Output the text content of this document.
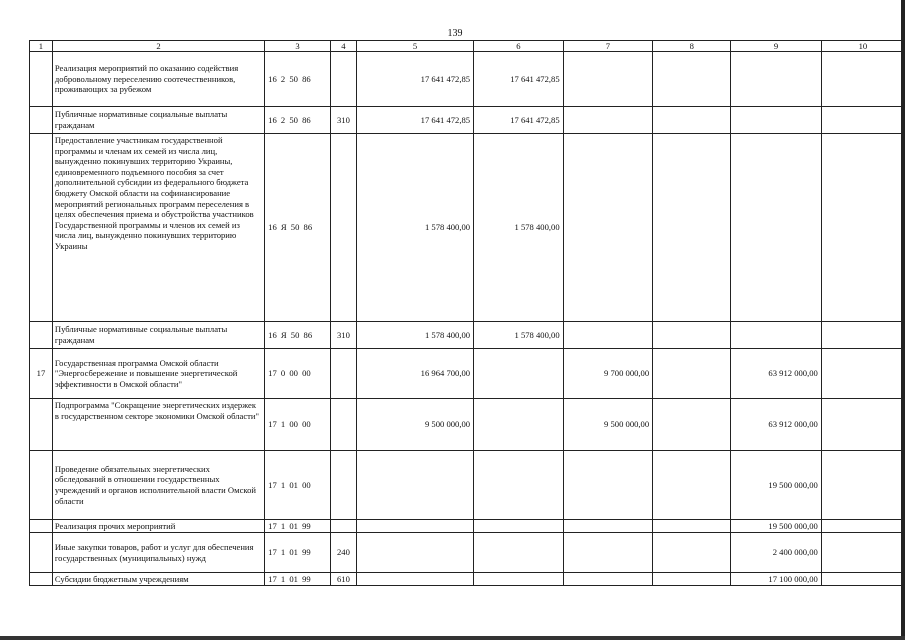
139
1	2	3	4	5	6	7	8	9	10
	Реализация мероприятий по оказанию содействия добровольному переселению соотечественников, проживающих за рубежом	16 2 50 86		17 641 472,85	17 641 472,85				
	Публичные нормативные социальные выплаты гражданам	16 2 50 86	310	17 641 472,85	17 641 472,85				
	Предоставление участникам государственной программы и членам их семей из числа лиц, вынужденно покинувших территорию Украины, единовременного подъемного пособия за счет дополнительной субсидии из федерального бюджета бюджету Омской области на софинансирование мероприятий региональных программ переселения в целях обеспечения приема и обустройства участников Государственной программы и членов их семей из числа лиц, вынужденно покинувших территорию Украины	16 Я 50 86		1 578 400,00	1 578 400,00				
	Публичные нормативные социальные выплаты гражданам	16 Я 50 86	310	1 578 400,00	1 578 400,00				
17	Государственная программа Омской области "Энергосбережение и повышение энергетической эффективности в Омской области"	17 0 00 00		16 964 700,00		9 700 000,00		63 912 000,00	
	Подпрограмма "Сокращение энергетических издержек в государственном секторе экономики Омской области"	17 1 00 00		9 500 000,00		9 500 000,00		63 912 000,00	
	Проведение обязательных энергетических обследований в отношении государственных учреждений и органов исполнительной власти Омской области	17 1 01 00						19 500 000,00	
	Реализация прочих мероприятий	17 1 01 99						19 500 000,00	
	Иные закупки товаров, работ и услуг для обеспечения государственных (муниципальных) нужд	17 1 01 99	240					2 400 000,00	
	Субсидии бюджетным учреждениям	17 1 01 99	610					17 100 000,00	
